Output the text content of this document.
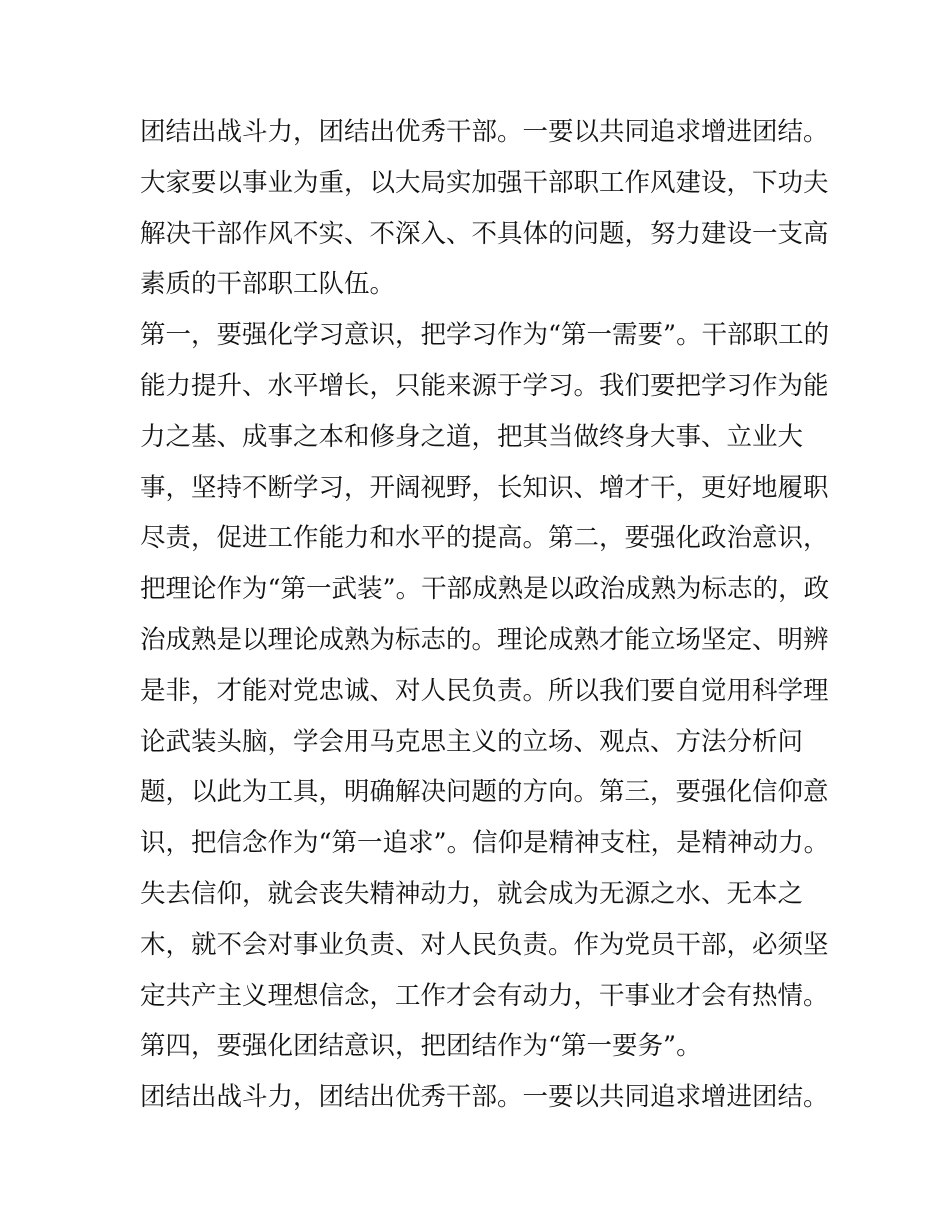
团结出战斗力，团结出优秀干部。一要以共同追求增进团结。
大家要以事业为重，以大局实加强干部职工作风建设，下功夫
解决干部作风不实、不深入、不具体的问题，努力建设一支高
素质的干部职工队伍。
第一，要强化学习意识，把学习作为“第一需要”。干部职工的
能力提升、水平增长，只能来源于学习。我们要把学习作为能
力之基、成事之本和修身之道，把其当做终身大事、立业大
事，坚持不断学习，开阔视野，长知识、增才干，更好地履职
尽责，促进工作能力和水平的提高。第二，要强化政治意识，
把理论作为“第一武装”。干部成熟是以政治成熟为标志的，政
治成熟是以理论成熟为标志的。理论成熟才能立场坚定、明辨
是非，才能对党忠诚、对人民负责。所以我们要自觉用科学理
论武装头脑，学会用马克思主义的立场、观点、方法分析问
题，以此为工具，明确解决问题的方向。第三，要强化信仰意
识，把信念作为“第一追求”。信仰是精神支柱，是精神动力。
失去信仰，就会丧失精神动力，就会成为无源之水、无本之
木，就不会对事业负责、对人民负责。作为党员干部，必须坚
定共产主义理想信念，工作才会有动力，干事业才会有热情。
第四，要强化团结意识，把团结作为“第一要务”。
团结出战斗力，团结出优秀干部。一要以共同追求增进团结。
